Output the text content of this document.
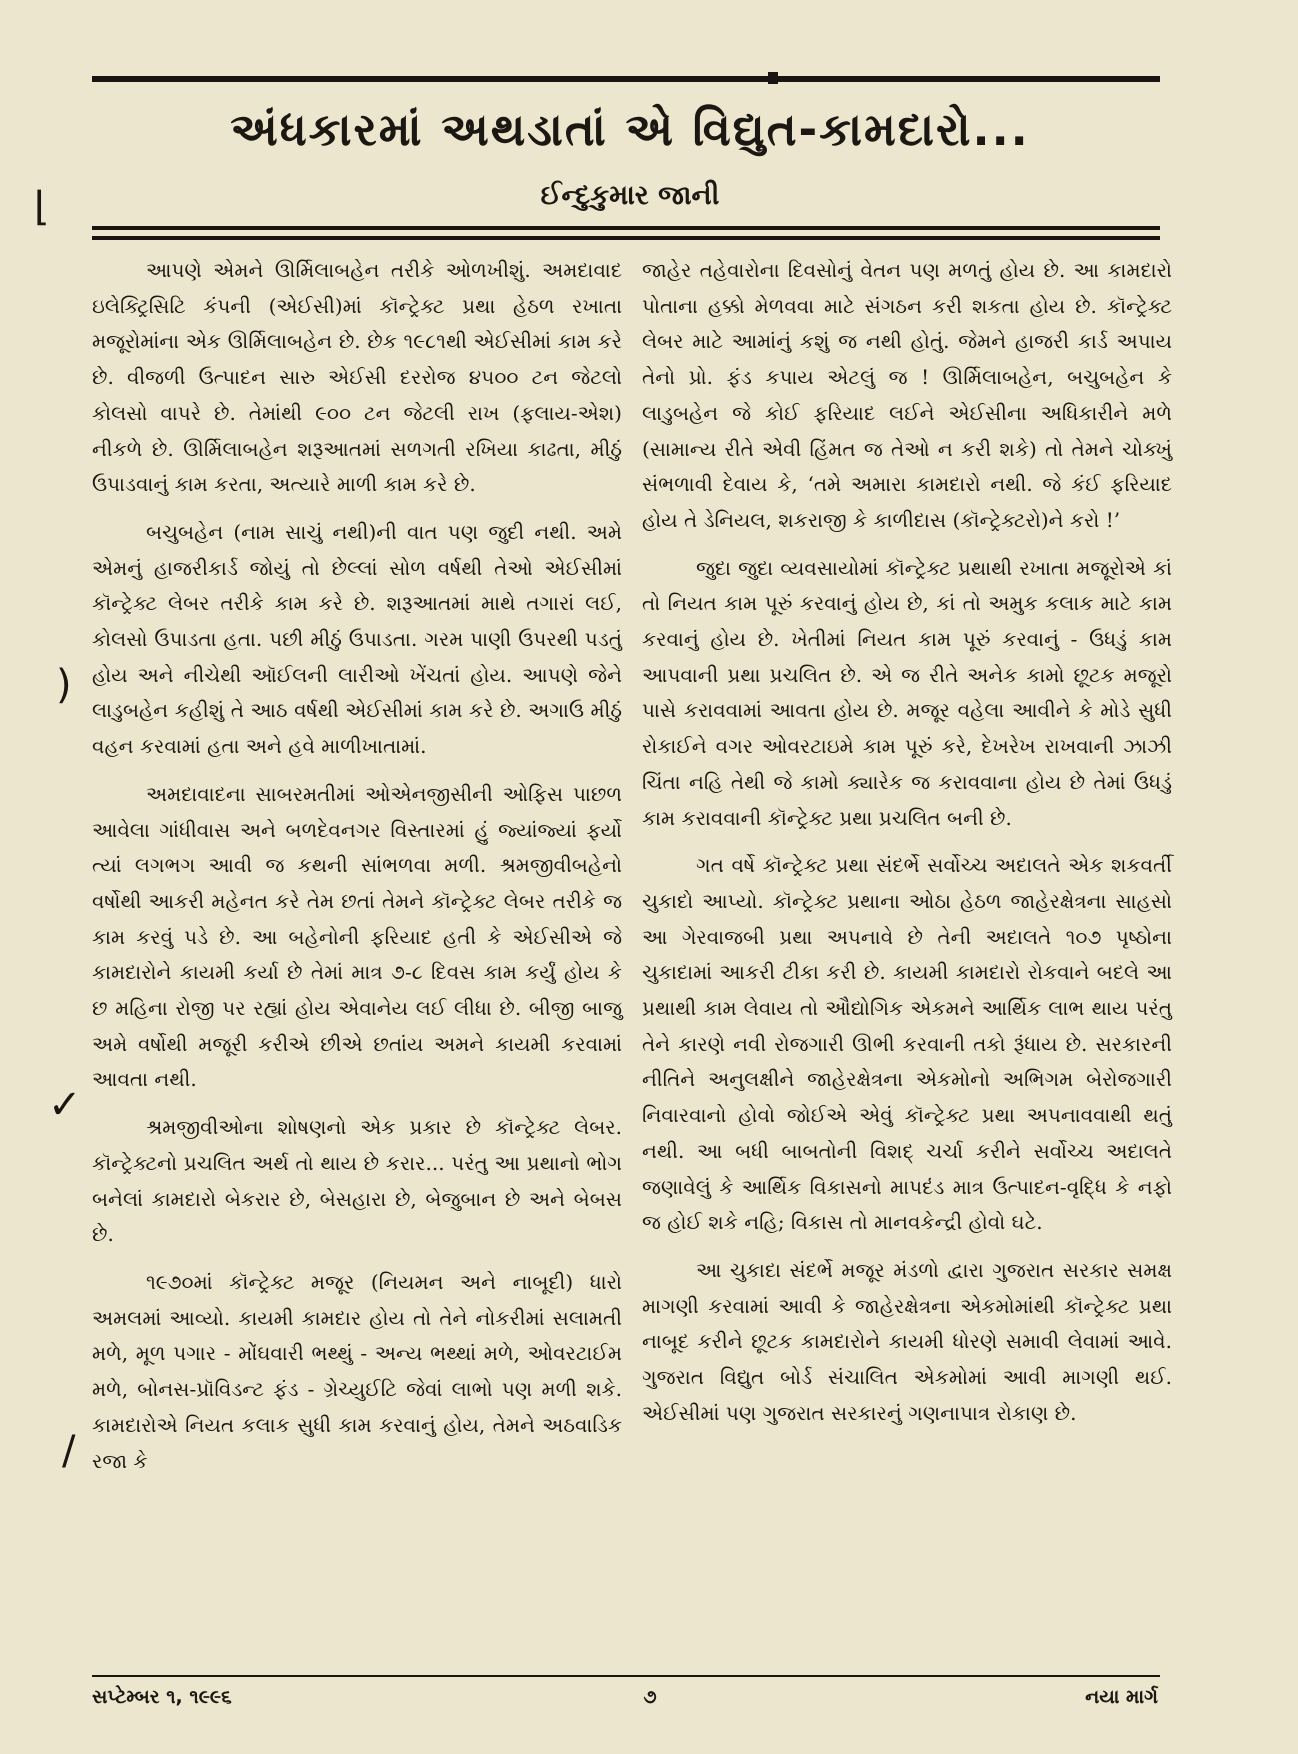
અંધકારમાં અથડાતાં એ વિદ્યુત-કામદારો...
ઈન્દુકુમાર જાની
⌊
)
✓
/

આપણે એમને ઊર્મિલાબહેન તરીકે ઓળખીશું. અમદાવાદ ઇલેક્ટ્રિસિટિ કંપની (એઈસી)માં કૉન્ટ્રેક્ટ પ્રથા હેઠળ રખાતા મજૂરોમાંના એક ઊર્મિલાબહેન છે. છેક ૧૯૮૧થી એઈસીમાં કામ કરે છે. વીજળી ઉત્પાદન સારુ એઈસી દરરોજ ૪૫૦૦ ટન જેટલો કોલસો વાપરે છે. તેમાંથી ૯૦૦ ટન જેટલી રાખ (ફલાય-એશ) નીકળે છે. ઊર્મિલાબહેન શરૂઆતમાં સળગતી રખિયા કાઢતા, મીઠું ઉપાડવાનું કામ કરતા, અત્યારે માળી કામ કરે છે.

બચુબહેન (નામ સાચું નથી)ની વાત પણ જુદી નથી. અમે એમનું હાજરીકાર્ડ જોયું તો છેલ્લાં સોળ વર્ષથી તેઓ એઈસીમાં કૉન્ટ્રેક્ટ લેબર તરીકે કામ કરે છે. શરૂઆતમાં માથે તગારાં લઈ, કોલસો ઉપાડતા હતા. પછી મીઠું ઉપાડતા. ગરમ પાણી ઉપરથી પડતું હોય અને નીચેથી ઑઈલની લારીઓ ખેંચતાં હોય. આપણે જેને લાડુબહેન કહીશું તે આઠ વર્ષથી એઈસીમાં કામ કરે છે. અગાઉ મીઠું વહન કરવામાં હતા અને હવે માળીખાતામાં.

અમદાવાદના સાબરમતીમાં ઓએનજીસીની ઓફિસ પાછળ આવેલા ગાંધીવાસ અને બળદેવનગર વિસ્તારમાં હું જ્યાંજ્યાં ફર્યો ત્યાં લગભગ આવી જ કથની સાંભળવા મળી. શ્રમજીવીબહેનો વર્ષોથી આકરી મહેનત કરે તેમ છતાં તેમને કૉન્ટ્રેક્ટ લેબર તરીકે જ કામ કરવું પડે છે. આ બહેનોની ફરિયાદ હતી કે એઈસીએ જે કામદારોને કાયમી કર્યા છે તેમાં માત્ર ૭-૮ દિવસ કામ કર્યું હોય કે છ મહિના રોજી પર રહ્યાં હોય એવાનેય લઈ લીધા છે. બીજી બાજુ અમે વર્ષોથી મજૂરી કરીએ છીએ છતાંય અમને કાયમી કરવામાં આવતા નથી.

શ્રમજીવીઓના શોષણનો એક પ્રકાર છે કૉન્ટ્રેક્ટ લેબર. કૉન્ટ્રેક્ટનો પ્રચલિત અર્થ તો થાય છે કરાર... પરંતુ આ પ્રથાનો ભોગ બનેલાં કામદારો બેકરાર છે, બેસહારા છે, બેજુબાન છે અને બેબસ છે.

૧૯૭૦માં કૉન્ટ્રેક્ટ મજૂર (નિયમન અને નાબૂદી) ધારો અમલમાં આવ્યો. કાયમી કામદાર હોય તો તેને નોકરીમાં સલામતી મળે, મૂળ પગાર - મોંઘવારી ભથ્થું - અન્ય ભથ્થાં મળે, ઓવરટાઈમ મળે, બોનસ-પ્રૉવિડન્ટ ફંડ - ગ્રેચ્યુઈટિ જેવાં લાભો પણ મળી શકે. કામદારોએ નિયત કલાક સુધી કામ કરવાનું હોય, તેમને અઠવાડિક રજા કે

જાહેર તહેવારોના દિવસોનું વેતન પણ મળતું હોય છે. આ કામદારો પોતાના હક્કો મેળવવા માટે સંગઠન કરી શકતા હોય છે. કૉન્ટ્રેક્ટ લેબર માટે આમાંનું કશું જ નથી હોતું. જેમને હાજરી કાર્ડ અપાય તેનો પ્રો. ફંડ કપાય એટલું જ ! ઊર્મિલાબહેન, બચુબહેન કે લાડુબહેન જે કોઈ ફરિયાદ લઈને એઈસીના અધિકારીને મળે (સામાન્ય રીતે એવી હિંમત જ તેઓ ન કરી શકે) તો તેમને ચોક્ખું સંભળાવી દેવાય કે, ‘તમે અમારા કામદારો નથી. જે કંઈ ફરિયાદ હોય તે ડેનિયલ, શકરાજી કે કાળીદાસ (કૉન્ટ્રેક્ટરો)ને કરો !’

જુદા જુદા વ્યવસાયોમાં કૉન્ટ્રેક્ટ પ્રથાથી રખાતા મજૂરોએ કાં તો નિયત કામ પૂરું કરવાનું હોય છે, કાં તો અમુક કલાક માટે કામ કરવાનું હોય છે. ખેતીમાં નિયત કામ પૂરું કરવાનું - ઉધડું કામ આપવાની પ્રથા પ્રચલિત છે. એ જ રીતે અનેક કામો છૂટક મજૂરો પાસે કરાવવામાં આવતા હોય છે. મજૂર વહેલા આવીને કે મોડે સુધી રોકાઈને વગર ઓવરટાઇમે કામ પૂરું કરે, દેખરેખ રાખવાની ઝાઝી ચિંતા નહિ તેથી જે કામો ક્યારેક જ કરાવવાના હોય છે તેમાં ઉધડું કામ કરાવવાની કૉન્ટ્રેક્ટ પ્રથા પ્રચલિત બની છે.

ગત વર્ષે કૉન્ટ્રેક્ટ પ્રથા સંદર્ભે સર્વોચ્ચ અદાલતે એક શકવર્તી ચુકાદો આપ્યો. કૉન્ટ્રેક્ટ પ્રથાના ઓઠા હેઠળ જાહેરક્ષેત્રના સાહસો આ ગેરવાજબી પ્રથા અપનાવે છે તેની અદાલતે ૧૦૭ પૃષ્ઠોના ચુકાદામાં આકરી ટીકા કરી છે. કાયમી કામદારો રોકવાને બદલે આ પ્રથાથી કામ લેવાય તો ઔદ્યોગિક એકમને આર્થિક લાભ થાય પરંતુ તેને કારણે નવી રોજગારી ઊભી કરવાની તકો રૂંધાય છે. સરકારની નીતિને અનુલક્ષીને જાહેરક્ષેત્રના એકમોનો અભિગમ બેરોજગારી નિવારવાનો હોવો જોઈએ એવું કૉન્ટ્રેક્ટ પ્રથા અપનાવવાથી થતું નથી. આ બધી બાબતોની વિશદ્ ચર્ચા કરીને સર્વોચ્ચ અદાલતે જણાવેલું કે આર્થિક વિકાસનો માપદંડ માત્ર ઉત્પાદન-વૃદ્ધિ કે નફો જ હોઈ શકે નહિ; વિકાસ તો માનવકેન્દ્રી હોવો ઘટે.

આ ચુકાદા સંદર્ભે મજૂર મંડળો દ્વારા ગુજરાત સરકાર સમક્ષ માગણી કરવામાં આવી કે જાહેરક્ષેત્રના એકમોમાંથી કૉન્ટ્રેક્ટ પ્રથા નાબૂદ કરીને છૂટક કામદારોને કાયમી ધોરણે સમાવી લેવામાં આવે. ગુજરાત વિદ્યુત બોર્ડ સંચાલિત એકમોમાં આવી માગણી થઈ. એઈસીમાં પણ ગુજરાત સરકારનું ગણનાપાત્ર રોકાણ છે.

સપ્ટેમ્બર ૧, ૧૯૯૬	૭	નયા માર્ગ
